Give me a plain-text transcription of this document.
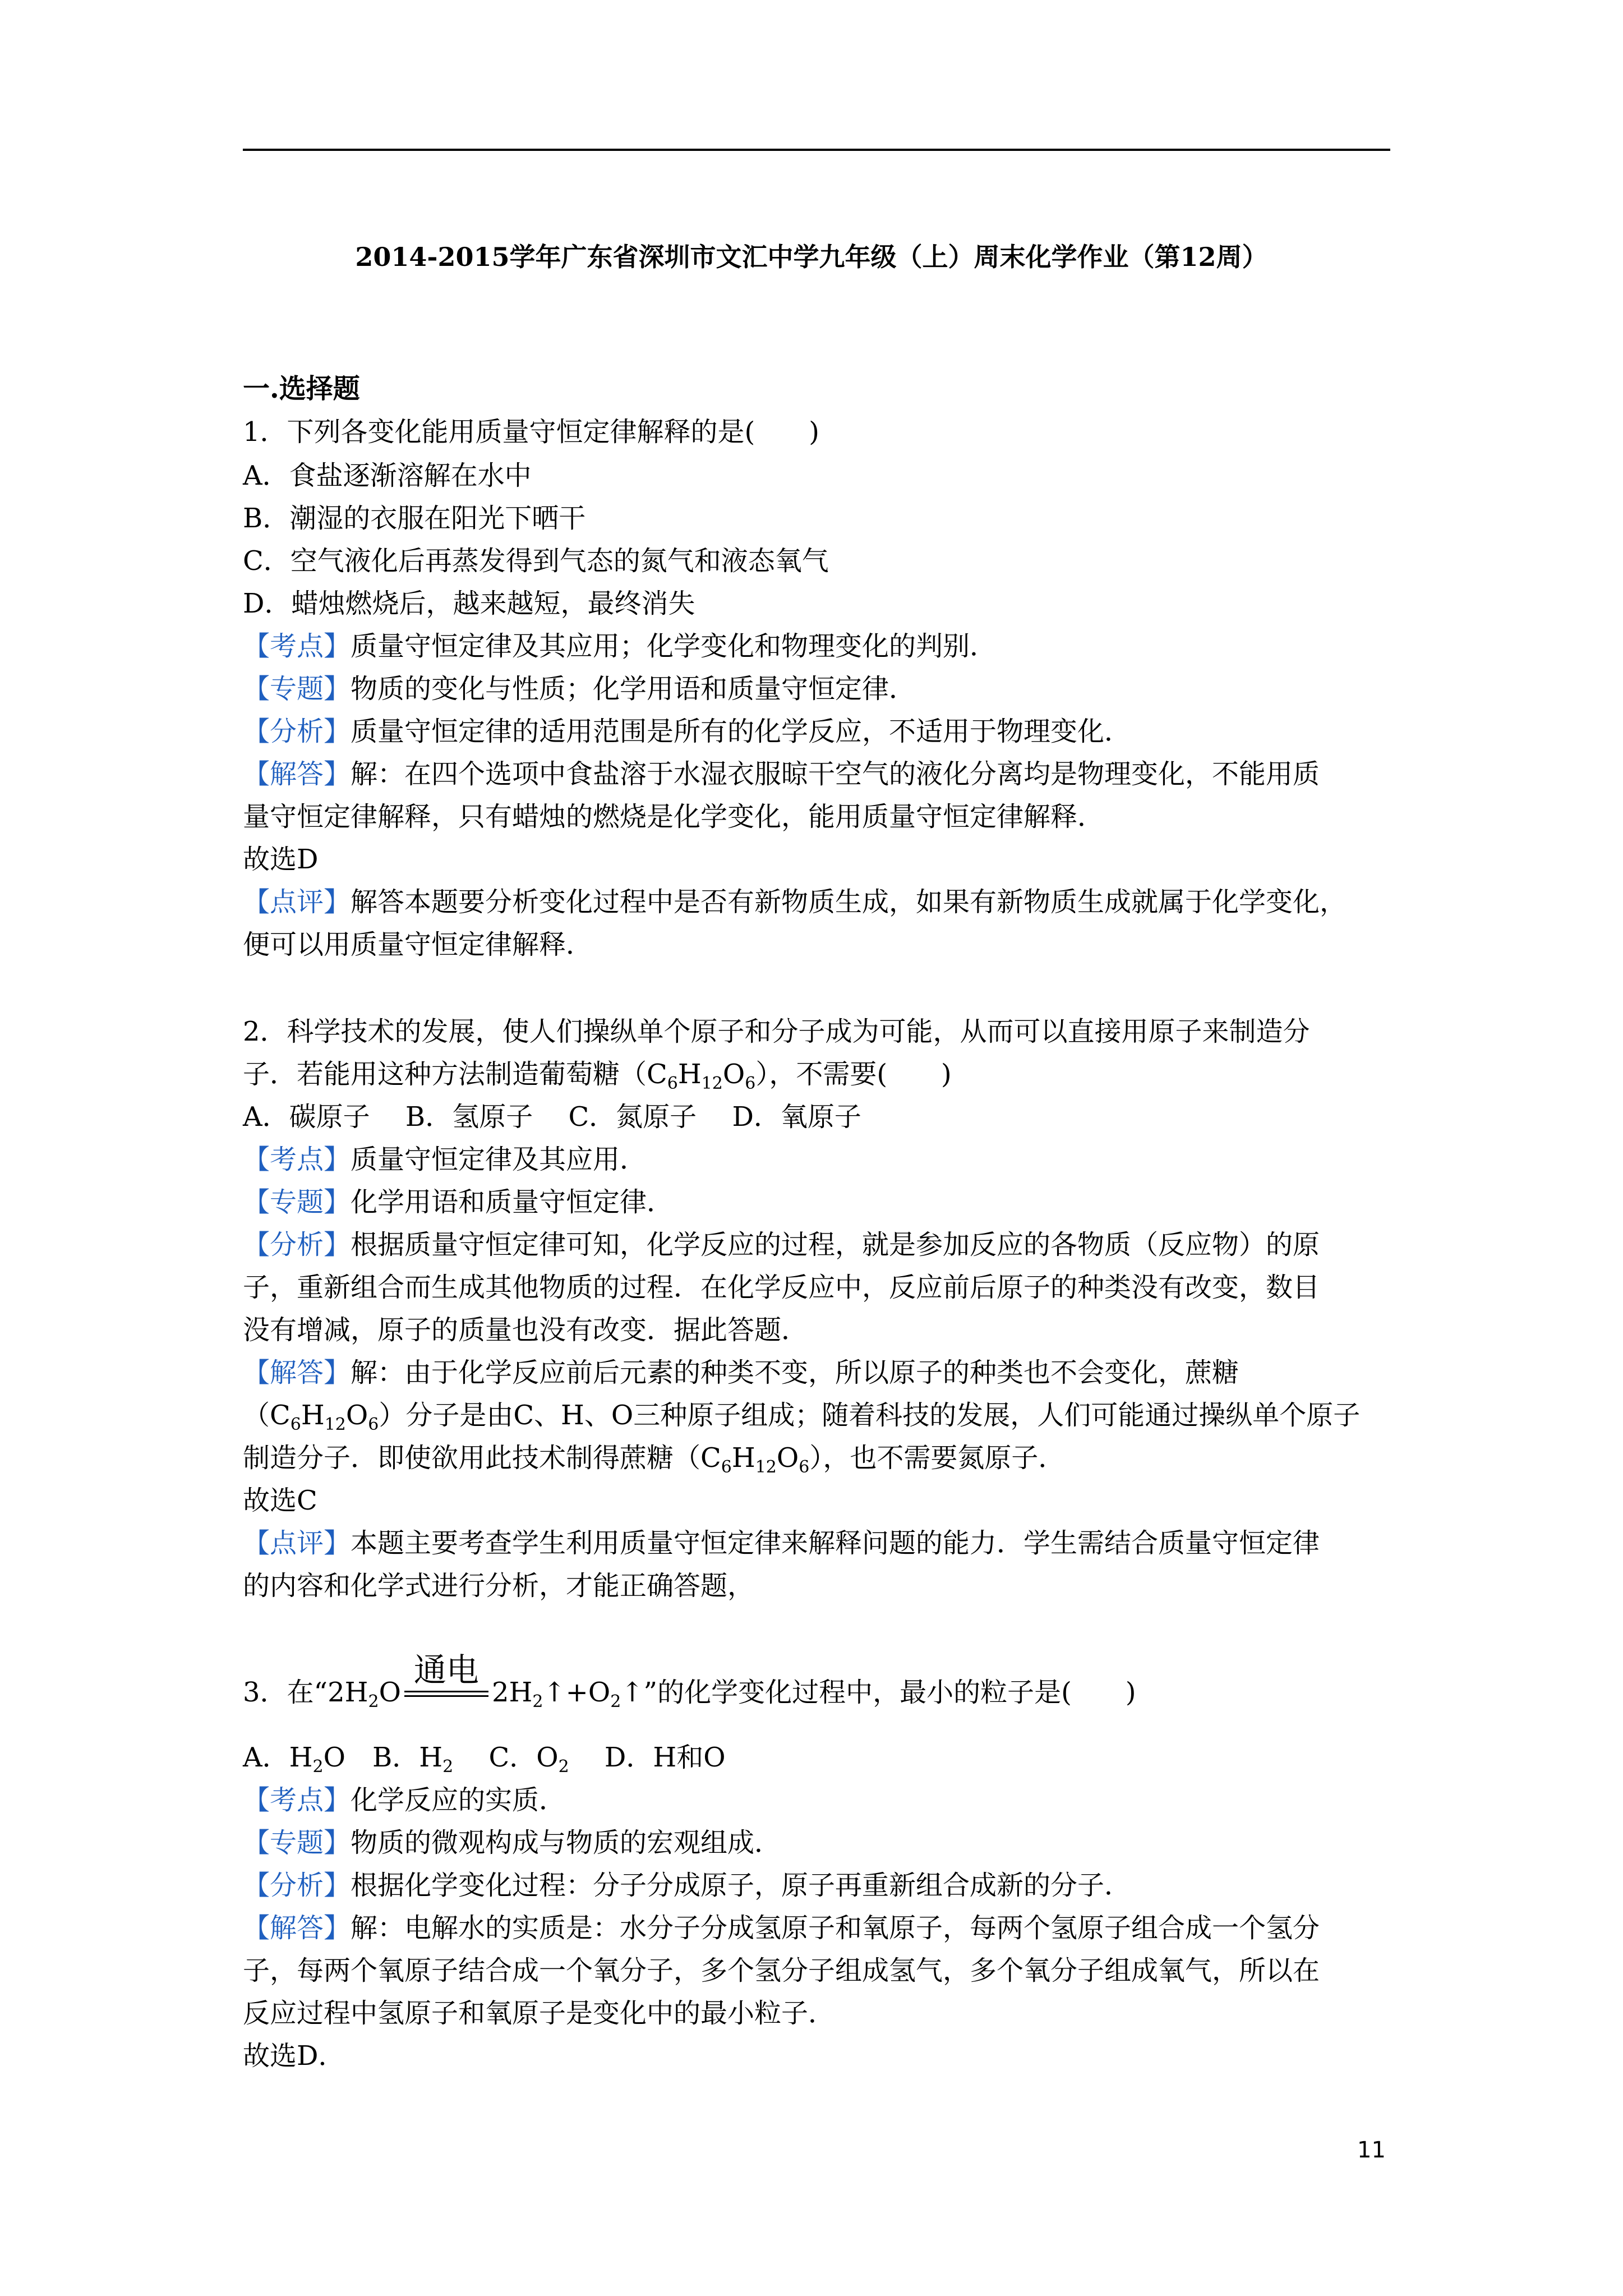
2014-2015学年广东省深圳市文汇中学九年级（上）周末化学作业（第12周）
一.选择题
1．下列各变化能用质量守恒定律解释的是(　　)
A．食盐逐渐溶解在水中
B．潮湿的衣服在阳光下晒干
C．空气液化后再蒸发得到气态的氮气和液态氧气
D．蜡烛燃烧后，越来越短，最终消失
【考点】质量守恒定律及其应用；化学变化和物理变化的判别．
【专题】物质的变化与性质；化学用语和质量守恒定律．
【分析】质量守恒定律的适用范围是所有的化学反应，不适用于物理变化．
【解答】解：在四个选项中食盐溶于水湿衣服晾干空气的液化分离均是物理变化，不能用质
量守恒定律解释，只有蜡烛的燃烧是化学变化，能用质量守恒定律解释．
故选D
【点评】解答本题要分析变化过程中是否有新物质生成，如果有新物质生成就属于化学变化，
便可以用质量守恒定律解释．
2．科学技术的发展，使人们操纵单个原子和分子成为可能，从而可以直接用原子来制造分
子．若能用这种方法制造葡萄糖$(C_6H_{12}O_6)$，不需要(　　)
A．碳原子　 B．氢原子　 C．氮原子　 D．氧原子
【考点】质量守恒定律及其应用．
【专题】化学用语和质量守恒定律．
【分析】根据质量守恒定律可知，化学反应的过程，就是参加反应的各物质（反应物）的原
子，重新组合而生成其他物质的过程．在化学反应中，反应前后原子的种类没有改变，数目
没有增减，原子的质量也没有改变．据此答题．
【解答】解：由于化学反应前后元素的种类不变，所以原子的种类也不会变化，蔗糖
$(C_6H_{12}O_6)$分子是由C、H、O三种原子组成；随着科技的发展，人们可能通过操纵单个原子
制造分子．即使欲用此技术制得蔗糖$(C_6H_{12}O_6)$，也不需要氮原子．
故选C
【点评】本题主要考查学生利用质量守恒定律来解释问题的能力．学生需结合质量守恒定律
的内容和化学式进行分析，才能正确答题，
3．在“$2H_2O$
通电
$2H_2↑+O_2↑$”的化学变化过程中，最小的粒子是(　　)
A．$H_2O$　B．$H_2$　 C．$O_2$　 D．H和O
【考点】化学反应的实质．
【专题】物质的微观构成与物质的宏观组成．
【分析】根据化学变化过程：分子分成原子，原子再重新组合成新的分子．
【解答】解：电解水的实质是：水分子分成氢原子和氧原子，每两个氢原子组合成一个氢分
子，每两个氧原子结合成一个氧分子，多个氢分子组成氢气，多个氧分子组成氧气，所以在
反应过程中氢原子和氧原子是变化中的最小粒子．
故选D．
11
